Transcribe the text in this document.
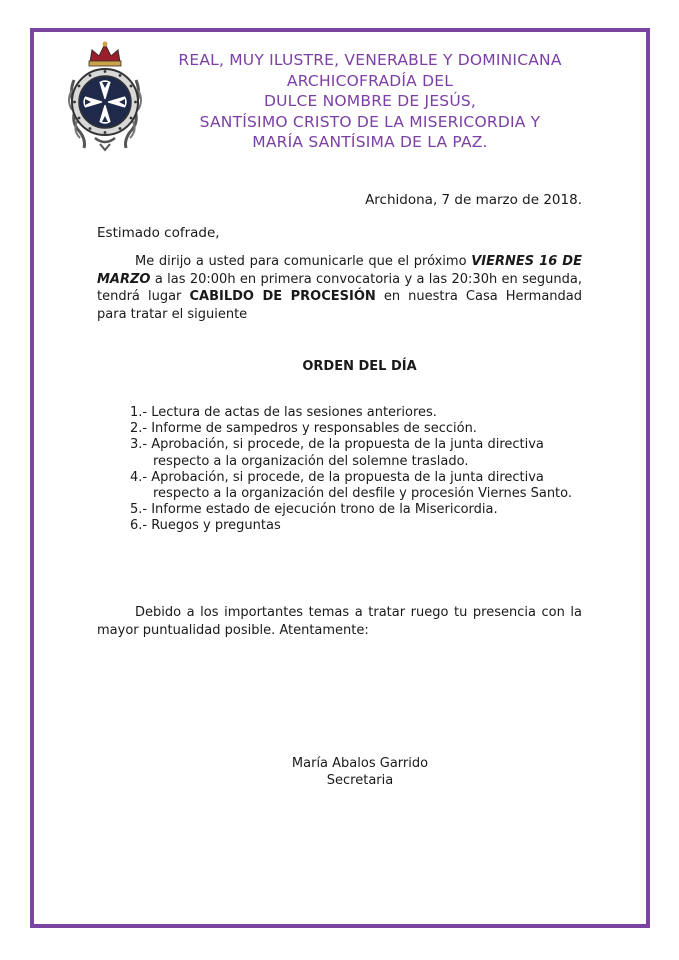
REAL, MUY ILUSTRE, VENERABLE Y DOMINICANA
ARCHICOFRADÍA DEL
DULCE NOMBRE DE JESÚS,
SANTÍSIMO CRISTO DE LA MISERICORDIA Y
MARÍA SANTÍSIMA DE LA PAZ.
Archidona, 7 de marzo de 2018.
Estimado cofrade,
Me dirijo a usted para comunicarle que el próximo VIERNES 16 DE MARZO a las 20:00h en primera convocatoria y a las 20:30h en segunda, tendrá lugar CABILDO DE PROCESIÓN en nuestra Casa Hermandad para tratar el siguiente
ORDEN DEL DÍA
1.- Lectura de actas de las sesiones anteriores.
2.- Informe de sampedros y responsables de sección.
3.- Aprobación, si procede, de la propuesta de la junta directiva
respecto a la organización del solemne traslado.
4.- Aprobación, si procede, de la propuesta de la junta directiva
respecto a la organización del desfile y procesión Viernes Santo.
5.- Informe estado de ejecución trono de la Misericordia.
6.- Ruegos y preguntas
Debido a los importantes temas a tratar ruego tu presencia con la mayor puntualidad posible. Atentamente:
María Abalos Garrido
Secretaria
